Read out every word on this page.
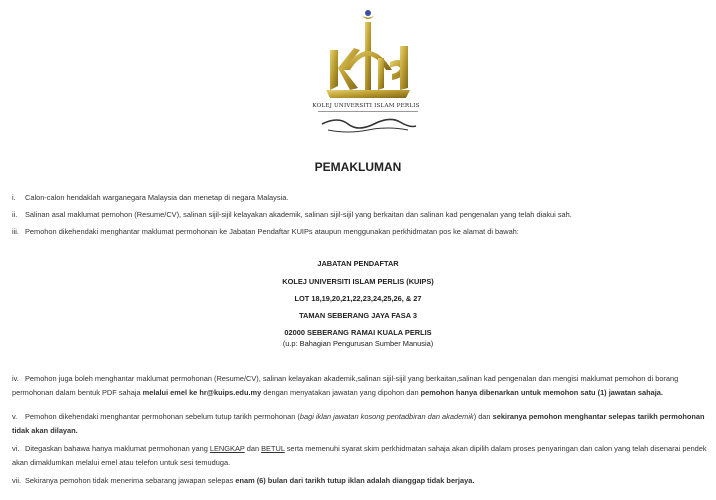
KOLEJ UNIVERSITI ISLAM PERLIS
PEMAKLUMAN
i. Calon-calon hendaklah warganegara Malaysia dan menetap di negara Malaysia.
ii. Salinan asal maklumat pemohon (Resume/CV), salinan sijil-sijil kelayakan akademik, salinan sijil-sijil yang berkaitan dan salinan kad pengenalan yang telah diakui sah.
iii. Pemohon dikehendaki menghantar maklumat permohonan ke Jabatan Pendaftar KUIPs ataupun menggunakan perkhidmatan pos ke alamat di bawah:
JABATAN PENDAFTAR
KOLEJ UNIVERSITI ISLAM PERLIS (KUIPS)
LOT 18,19,20,21,22,23,24,25,26, & 27
TAMAN SEBERANG JAYA FASA 3
02000 SEBERANG RAMAI KUALA PERLIS
(u.p: Bahagian Pengurusan Sumber Manusia)
iv. Pemohon juga boleh menghantar maklumat permohonan (Resume/CV), salinan kelayakan akademik,salinan sijil-sijil yang berkaitan,salinan kad pengenalan dan mengisi maklumat pemohon di borang permohonan dalam bentuk PDF sahaja melalui emel ke hr@kuips.edu.my dengan menyatakan jawatan yang dipohon dan pemohon hanya dibenarkan untuk memohon satu (1) jawatan sahaja.
v. Pemohon dikehendaki menghantar permohonan sebelum tutup tarikh permohonan (bagi iklan jawatan kosong pentadbiran dan akademik) dan sekiranya pemohon menghantar selepas tarikh permohonan tidak akan dilayan.
vi. Ditegaskan bahawa hanya maklumat permohonan yang LENGKAP dan BETUL serta memenuhi syarat skim perkhidmatan sahaja akan dipilih dalam proses penyaringan dan calon yang telah disenarai pendek akan dimaklumkan melalui emel atau telefon untuk sesi temuduga.
vii. Sekiranya pemohon tidak menerima sebarang jawapan selepas enam (6) bulan dari tarikh tutup iklan adalah dianggap tidak berjaya.
